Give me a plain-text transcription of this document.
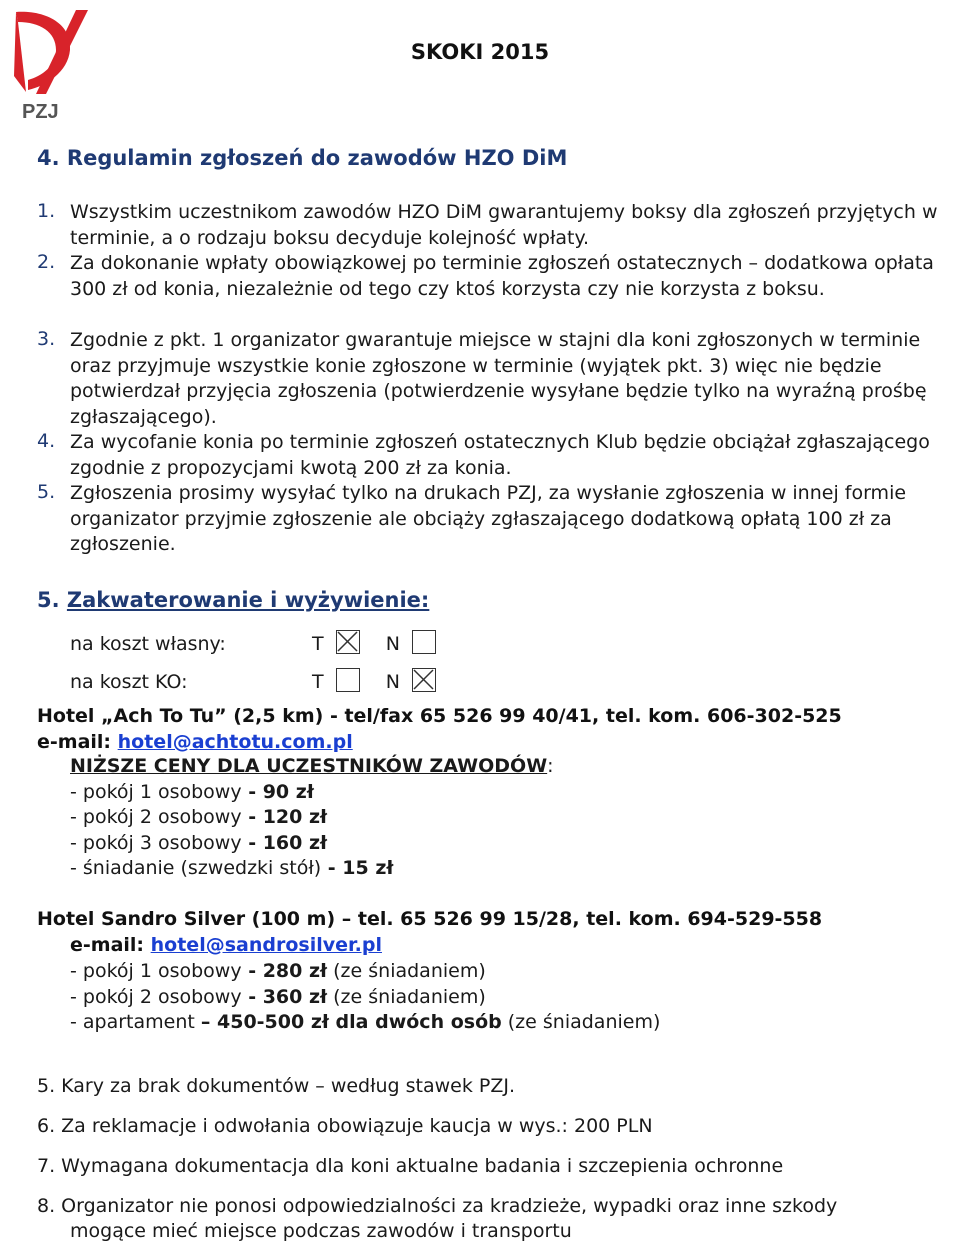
PZJ
SKOKI 2015
4. Regulamin zgłoszeń do zawodów HZO DiM
1. Wszystkim uczestnikom zawodów HZO DiM gwarantujemy boksy dla zgłoszeń przyjętych w terminie, a o rodzaju boksu decyduje kolejność wpłaty.
2. Za dokonanie wpłaty obowiązkowej po terminie zgłoszeń ostatecznych – dodatkowa opłata 300 zł od konia, niezależnie od tego czy ktoś korzysta czy nie korzysta z boksu.
3. Zgodnie z pkt. 1 organizator gwarantuje miejsce w stajni dla koni zgłoszonych w terminie oraz przyjmuje wszystkie konie zgłoszone w terminie (wyjątek pkt. 3) więc nie będzie potwierdzał przyjęcia zgłoszenia (potwierdzenie wysyłane będzie tylko na wyraźną prośbę zgłaszającego).
4. Za wycofanie konia po terminie zgłoszeń ostatecznych Klub będzie obciążał zgłaszającego zgodnie z propozycjami kwotą 200 zł za konia.
5. Zgłoszenia prosimy wysyłać tylko na drukach PZJ, za wysłanie zgłoszenia w innej formie organizator przyjmie zgłoszenie ale obciąży zgłaszającego dodatkową opłatą 100 zł za zgłoszenie.
5. Zakwaterowanie i wyżywienie:
na koszt własny:	T	N
na koszt KO:	T	N
Hotel „Ach To Tu” (2,5 km) - tel/fax 65 526 99 40/41, tel. kom. 606-302-525
e-mail: hotel@achtotu.com.pl
NIŻSZE CENY DLA UCZESTNIKÓW ZAWODÓW:
- pokój 1 osobowy - 90 zł
- pokój 2 osobowy - 120 zł
- pokój 3 osobowy - 160 zł
- śniadanie (szwedzki stół) - 15 zł
Hotel Sandro Silver (100 m) – tel. 65 526 99 15/28, tel. kom. 694-529-558
e-mail: hotel@sandrosilver.pl
- pokój 1 osobowy - 280 zł (ze śniadaniem)
- pokój 2 osobowy - 360 zł (ze śniadaniem)
- apartament – 450-500 zł dla dwóch osób (ze śniadaniem)
5. Kary za brak dokumentów – według stawek PZJ.
6. Za reklamacje i odwołania obowiązuje kaucja w wys.: 200 PLN
7. Wymagana dokumentacja dla koni aktualne badania i szczepienia ochronne
8. Organizator nie ponosi odpowiedzialności za kradzieże, wypadki oraz inne szkody
mogące mieć miejsce podczas zawodów i transportu
